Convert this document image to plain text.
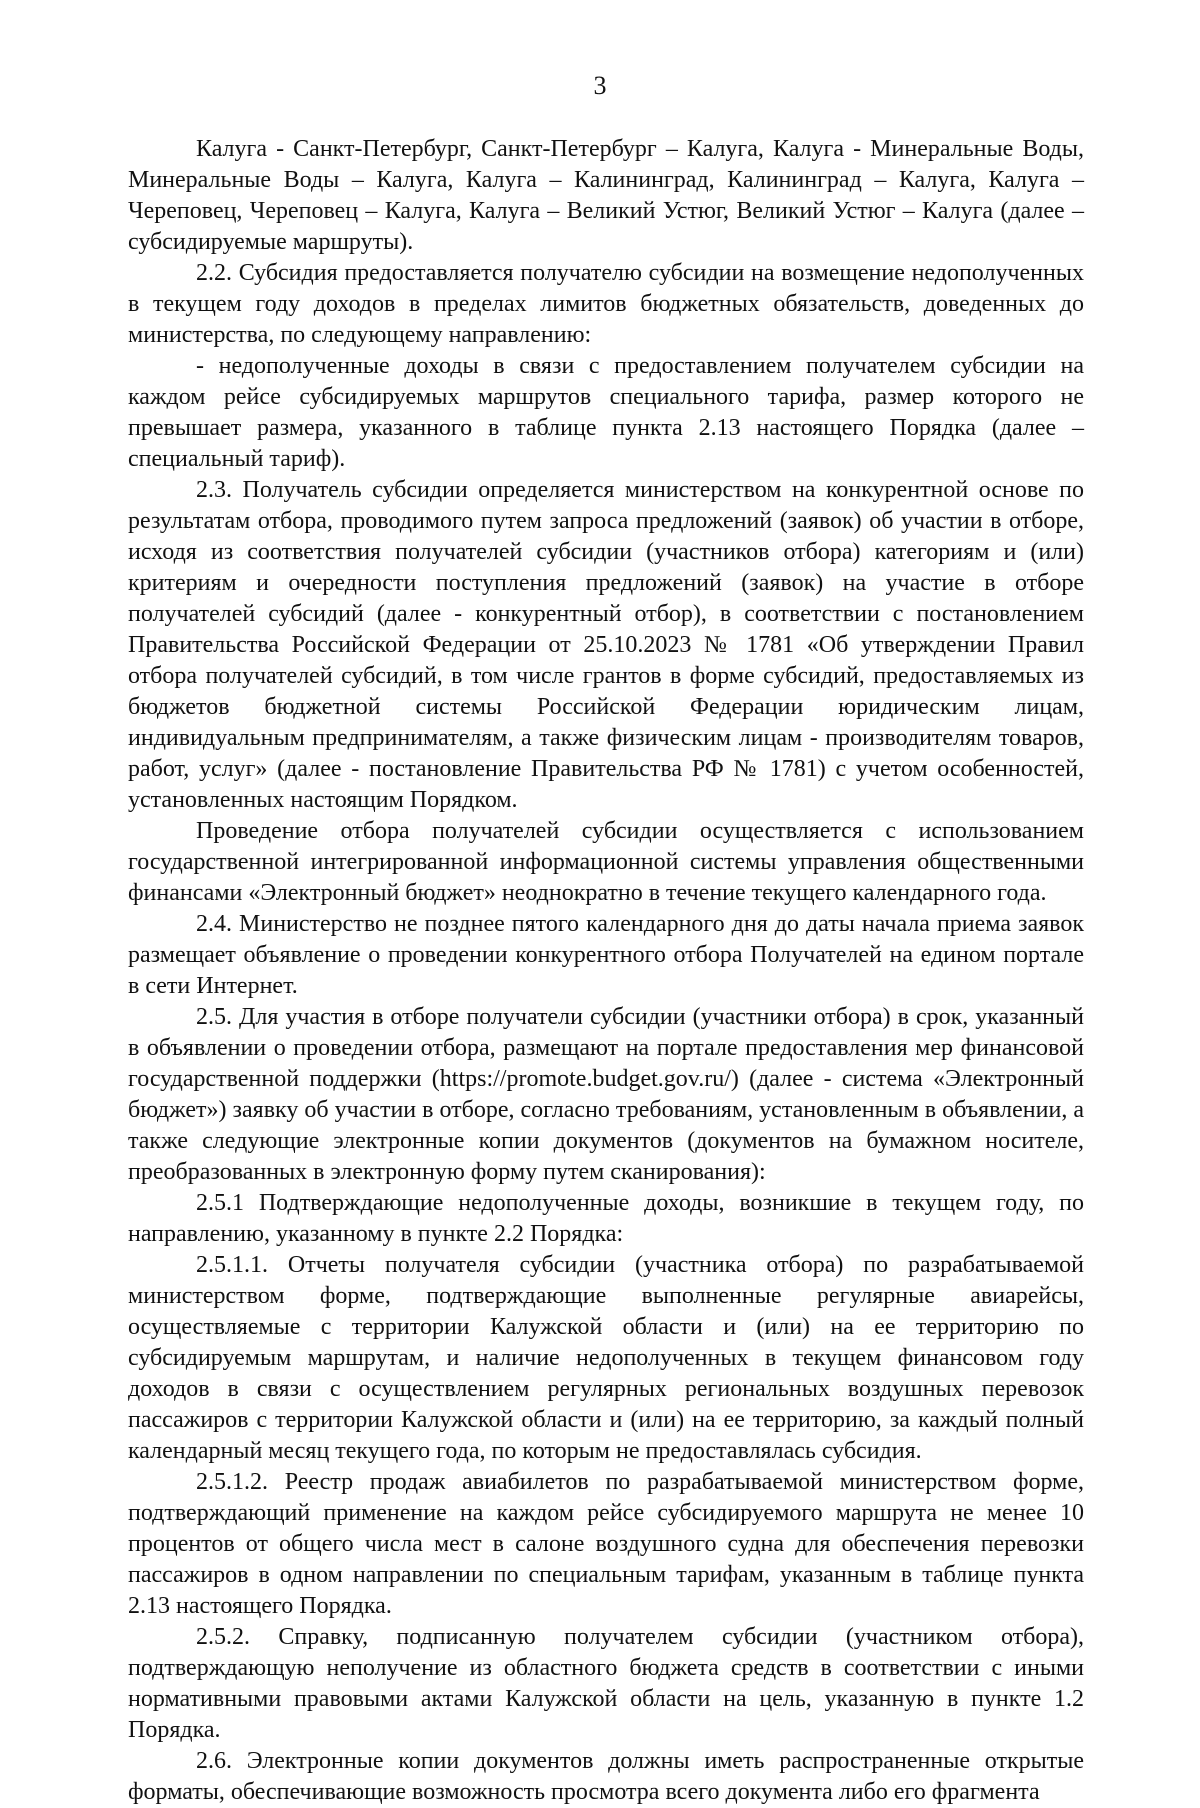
3

Калуга - Санкт-Петербург, Санкт-Петербург – Калуга, Калуга - Минеральные Воды, Минеральные Воды – Калуга, Калуга – Калининград, Калининград – Калуга, Калуга – Череповец, Череповец – Калуга, Калуга – Великий Устюг, Великий Устюг – Калуга (далее – субсидируемые маршруты).

2.2. Субсидия предоставляется получателю субсидии на возмещение недополученных в текущем году доходов в пределах лимитов бюджетных обязательств, доведенных до министерства, по следующему направлению:

- недополученные доходы в связи с предоставлением получателем субсидии на каждом рейсе субсидируемых маршрутов специального тарифа, размер которого не превышает размера, указанного в таблице пункта 2.13 настоящего Порядка (далее – специальный тариф).

2.3. Получатель субсидии определяется министерством на конкурентной основе по результатам отбора, проводимого путем запроса предложений (заявок) об участии в отборе, исходя из соответствия получателей субсидии (участников отбора) категориям и (или) критериям и очередности поступления предложений (заявок) на участие в отборе получателей субсидий (далее - конкурентный отбор), в соответствии с постановлением Правительства Российской Федерации от 25.10.2023 № 1781 «Об утверждении Правил отбора получателей субсидий, в том числе грантов в форме субсидий, предоставляемых из бюджетов бюджетной системы Российской Федерации юридическим лицам, индивидуальным предпринимателям, а также физическим лицам - производителям товаров, работ, услуг» (далее - постановление Правительства РФ № 1781) с учетом особенностей, установленных настоящим Порядком.

Проведение отбора получателей субсидии осуществляется с использованием государственной интегрированной информационной системы управления общественными финансами «Электронный бюджет» неоднократно в течение текущего календарного года.

2.4. Министерство не позднее пятого календарного дня до даты начала приема заявок размещает объявление о проведении конкурентного отбора Получателей на едином портале в сети Интернет.

2.5. Для участия в отборе получатели субсидии (участники отбора) в срок, указанный в объявлении о проведении отбора, размещают на портале предоставления мер финансовой государственной поддержки (https://promote.budget.gov.ru/) (далее - система «Электронный бюджет») заявку об участии в отборе, согласно требованиям, установленным в объявлении, а также следующие электронные копии документов (документов на бумажном носителе, преобразованных в электронную форму путем сканирования):

2.5.1 Подтверждающие недополученные доходы, возникшие в текущем году, по направлению, указанному в пункте 2.2 Порядка:

2.5.1.1. Отчеты получателя субсидии (участника отбора) по разрабатываемой министерством форме, подтверждающие выполненные регулярные авиарейсы, осуществляемые с территории Калужской области и (или) на ее территорию по субсидируемым маршрутам, и наличие недополученных в текущем финансовом году доходов в связи с осуществлением регулярных региональных воздушных перевозок пассажиров с территории Калужской области и (или) на ее территорию, за каждый полный календарный месяц текущего года, по которым не предоставлялась субсидия.

2.5.1.2. Реестр продаж авиабилетов по разрабатываемой министерством форме, подтверждающий применение на каждом рейсе субсидируемого маршрута не менее 10 процентов от общего числа мест в салоне воздушного судна для обеспечения перевозки пассажиров в одном направлении по специальным тарифам, указанным в таблице пункта 2.13 настоящего Порядка.

2.5.2. Справку, подписанную получателем субсидии (участником отбора), подтверждающую неполучение из областного бюджета средств в соответствии с иными нормативными правовыми актами Калужской области на цель, указанную в пункте 1.2 Порядка.

2.6. Электронные копии документов должны иметь распространенные открытые форматы, обеспечивающие возможность просмотра всего документа либо его фрагмента
